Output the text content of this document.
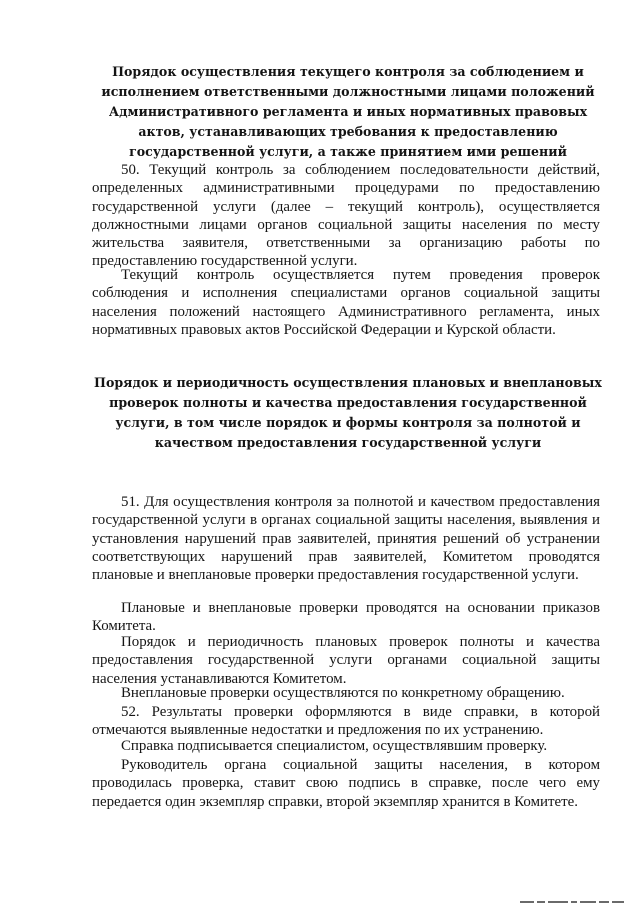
Порядок осуществления текущего контроля за соблюдением и исполнением ответственными должностными лицами положений Административного регламента и иных нормативных правовых актов, устанавливающих требования к предоставлению государственной услуги, а также принятием ими решений

50. Текущий контроль за соблюдением последовательности действий, определенных административными процедурами по предоставлению государственной услуги (далее – текущий контроль), осуществляется должностными лицами органов социальной защиты населения по месту жительства заявителя, ответственными за организацию работы по предоставлению государственной услуги.

Текущий контроль осуществляется путем проведения проверок соблюдения и исполнения специалистами органов социальной защиты населения положений настоящего Административного регламента, иных нормативных правовых актов Российской Федерации и Курской области.

Порядок и периодичность осуществления плановых и внеплановых проверок полноты и качества предоставления государственной услуги, в том числе порядок и формы контроля за полнотой и качеством предоставления государственной услуги

51. Для осуществления контроля за полнотой и качеством предоставления государственной услуги в органах социальной защиты населения, выявления и установления нарушений прав заявителей, принятия решений об устранении соответствующих нарушений прав заявителей, Комитетом проводятся плановые и внеплановые проверки предоставления государственной услуги.

Плановые и внеплановые проверки проводятся на основании приказов Комитета.

Порядок и периодичность плановых проверок полноты и качества предоставления государственной услуги органами социальной защиты населения устанавливаются Комитетом.

Внеплановые проверки осуществляются по конкретному обращению.

52. Результаты проверки оформляются в виде справки, в которой отмечаются выявленные недостатки и предложения по их устранению.

Справка подписывается специалистом, осуществлявшим проверку.

Руководитель органа социальной защиты населения, в котором проводилась проверка, ставит свою подпись в справке, после чего ему передается один экземпляр справки, второй экземпляр хранится в Комитете.
